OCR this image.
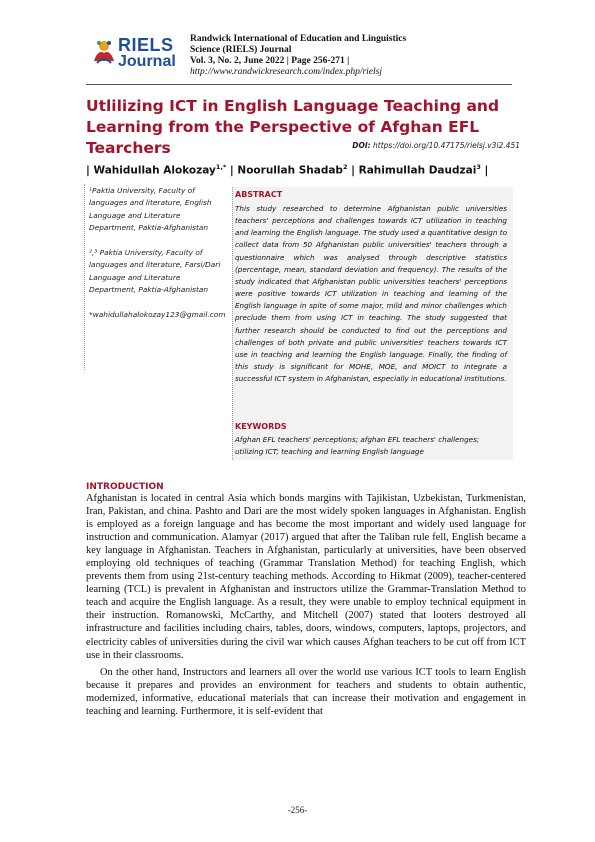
RIELS
Journal
Randwick International of Education and Linguistics
Science (RIELS) Journal
Vol. 3, No. 2, June 2022 | Page 256-271 |
http://www.randwickresearch.com/index.php/rielsj
Utlilizing ICT in English Language Teaching and Learning from the Perspective of Afghan EFL Tearchers	DOI: https://doi.org/10.47175/rielsj.v3i2.451
| Wahidullah Alokozay$^{1,*}$ | Noorullah Shadab$^2$ | Rahimullah Daudzai$^3$ |

¹Paktia University, Faculty of languages and literature, English Language and Literature Department, Paktia-Afghanistan

²,³ Paktia University, Faculty of languages and literature, Farsi/Dari Language and Literature Department, Paktia-Afghanistan

*wahidullahalokozay123@gmail.com

ABSTRACT
This study researched to determine Afghanistan public universities teachers' perceptions and challenges towards ICT utilization in teaching and learning the English language. The study used a quantitative design to collect data from 50 Afghanistan public universities' teachers through a questionnaire which was analysed through descriptive statistics (percentage, mean, standard deviation and frequency). The results of the study indicated that Afghanistan public universities teachers' perceptions were positive towards ICT utilization in teaching and learning of the English language in spite of some major, mild and minor challenges which preclude them from using ICT in teaching. The study suggested that further research should be conducted to find out the perceptions and challenges of both private and public universities' teachers towards ICT use in teaching and learning the English language. Finally, the finding of this study is significant for MOHE, MOE, and MOICT to integrate a successful ICT system in Afghanistan, especially in educational institutions.
KEYWORDS
Afghan EFL teachers' perceptions; afghan EFL teachers' challenges; utilizing ICT; teaching and learning English language
INTRODUCTION

Afghanistan is located in central Asia which bonds margins with Tajikistan, Uzbekistan, Turkmenistan, Iran, Pakistan, and china. Pashto and Dari are the most widely spoken languages in Afghanistan. English is employed as a foreign language and has become the most important and widely used language for instruction and communication. Alamyar (2017) argued that after the Taliban rule fell, English became a key language in Afghanistan. Teachers in Afghanistan, particularly at universities, have been observed employing old techniques of teaching (Grammar Translation Method) for teaching English, which prevents them from using 21st-century teaching methods. According to Hikmat (2009), teacher-centered learning (TCL) is prevalent in Afghanistan and instructors utilize the Grammar-Translation Method to teach and acquire the English language. As a result, they were unable to employ technical equipment in their instruction. Romanowski, McCarthy, and Mitchell (2007) stated that looters destroyed all infrastructure and facilities including chairs, tables, doors, windows, computers, laptops, projectors, and electricity cables of universities during the civil war which causes Afghan teachers to be cut off from ICT use in their classrooms.

On the other hand, Instructors and learners all over the world use various ICT tools to learn English because it prepares and provides an environment for teachers and students to obtain authentic, modernized, informative, educational materials that can increase their motivation and engagement in teaching and learning. Furthermore, it is self-evident that

-256-
